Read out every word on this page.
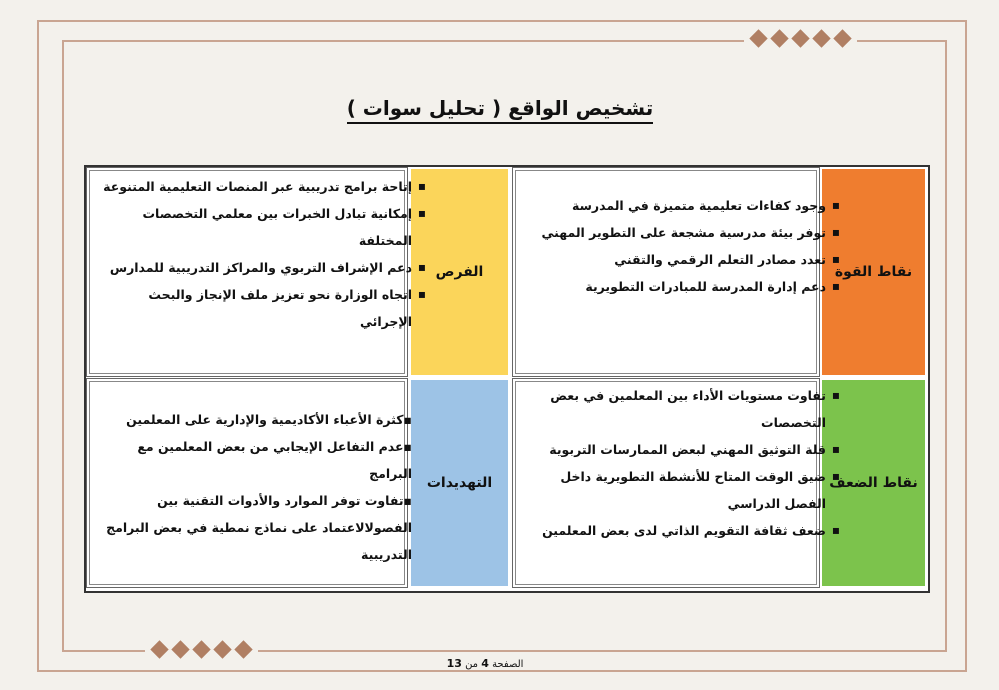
تشخيص الواقع ( تحليل سوات )
نقاط القوة
نقاط الضعف
الفرص
التهديدات
▪ وجود كفاءات تعليمية متميزة في المدرسة
▪ توفر بيئة مدرسية مشجعة على التطوير المهني
▪ تعدد مصادر التعلم الرقمي والتقني
▪ دعم إدارة المدرسة للمبادرات التطويرية
▪ تفاوت مستويات الأداء بين المعلمين في بعض التخصصات
▪ قلة التوثيق المهني لبعض الممارسات التربوية
▪ ضيق الوقت المتاح للأنشطة التطويرية داخل الفصل الدراسي
▪ ضعف ثقافة التقويم الذاتي لدى بعض المعلمين
▪ إتاحة برامج تدريبية عبر المنصات التعليمية المتنوعة
▪ إمكانية تبادل الخبرات بين معلمي التخصصات المختلفة
▪ دعم الإشراف التربوي والمراكز التدريبية للمدارس
▪ اتجاه الوزارة نحو تعزيز ملف الإنجاز والبحث الإجرائي
▪كثرة الأعباء الأكاديمية والإدارية على المعلمين
▪عدم التفاعل الإيجابي من بعض المعلمين مع البرامج
▪تفاوت توفر الموارد والأدوات التقنية بين الفصولالاعتماد على نماذج نمطية في بعض البرامج التدريبية
الصفحة 4 من 13
